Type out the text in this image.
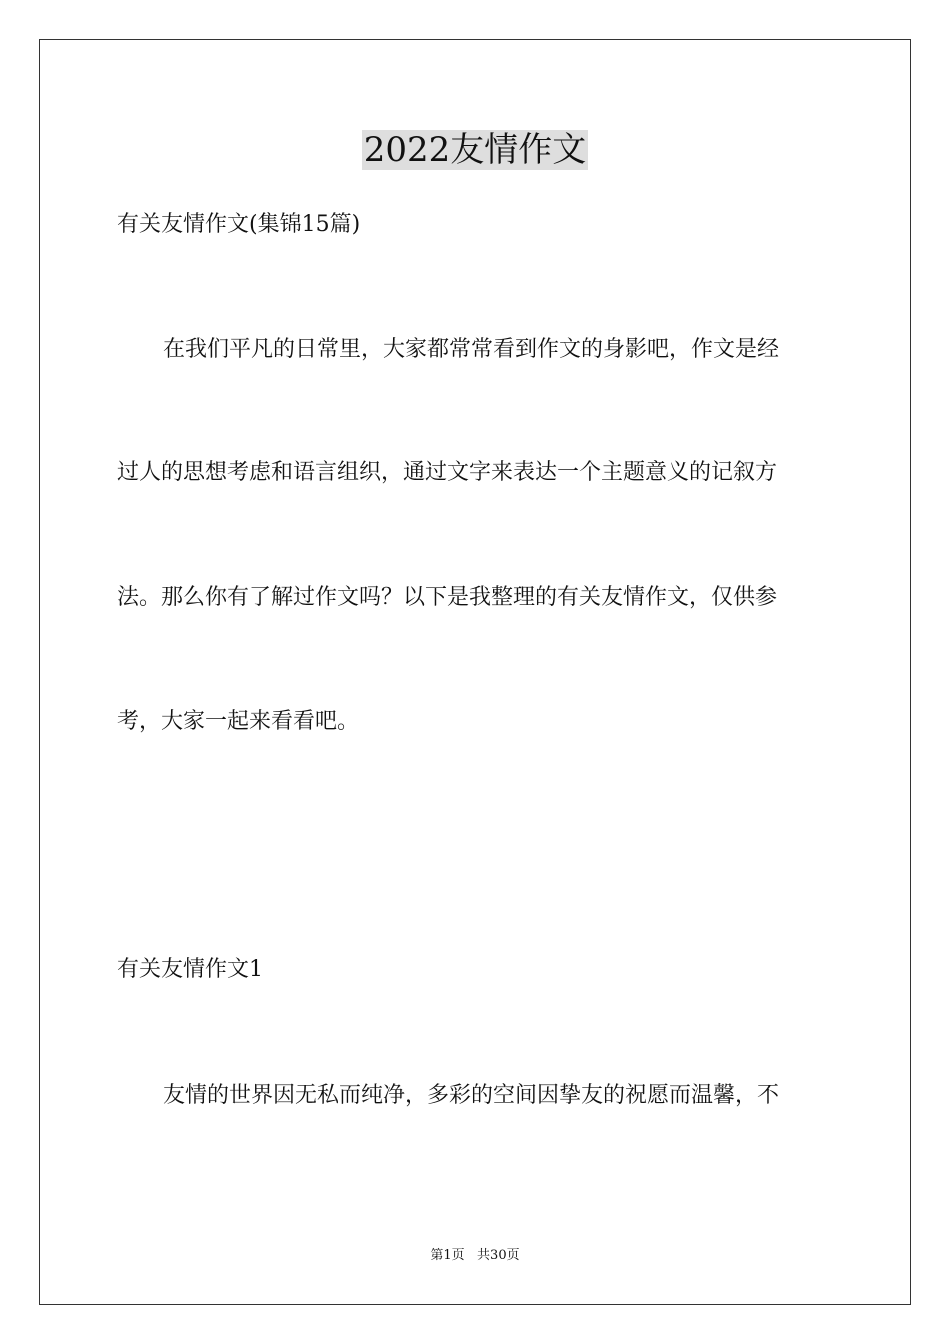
2022友情作文
有关友情作文(集锦15篇)
在我们平凡的日常里，大家都常常看到作文的身影吧，作文是经
过人的思想考虑和语言组织，通过文字来表达一个主题意义的记叙方
法。那么你有了解过作文吗？以下是我整理的有关友情作文，仅供参
考，大家一起来看看吧。
有关友情作文1
友情的世界因无私而纯净，多彩的空间因挚友的祝愿而温馨，不
第1页   共30页
